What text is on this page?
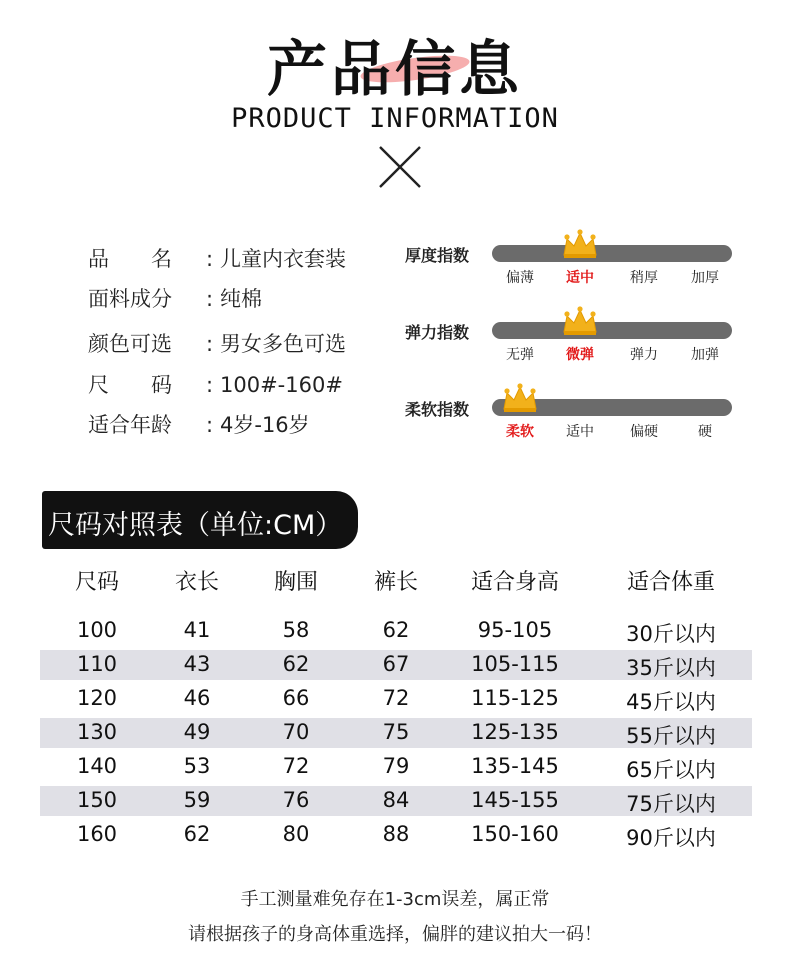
产品信息
PRODUCT INFORMATION
品　　名 : 儿童内衣套装
面料成分 : 纯棉
颜色可选 : 男女多色可选
尺　　码 : 100#-160#
适合年龄 : 4岁-16岁
厚度指数
偏薄	适中	稍厚	加厚
弹力指数
无弹	微弹	弹力	加弹
柔软指数
柔软	适中	偏硬	硬
尺码对照表（单位:CM）
尺码	衣长	胸围	裤长	适合身高	适合体重
100	41	58	62	95-105	30斤以内
110	43	62	67	105-115	35斤以内
120	46	66	72	115-125	45斤以内
130	49	70	75	125-135	55斤以内
140	53	72	79	135-145	65斤以内
150	59	76	84	145-155	75斤以内
160	62	80	88	150-160	90斤以内
手工测量难免存在1-3cm误差，属正常
请根据孩子的身高体重选择，偏胖的建议拍大一码！
